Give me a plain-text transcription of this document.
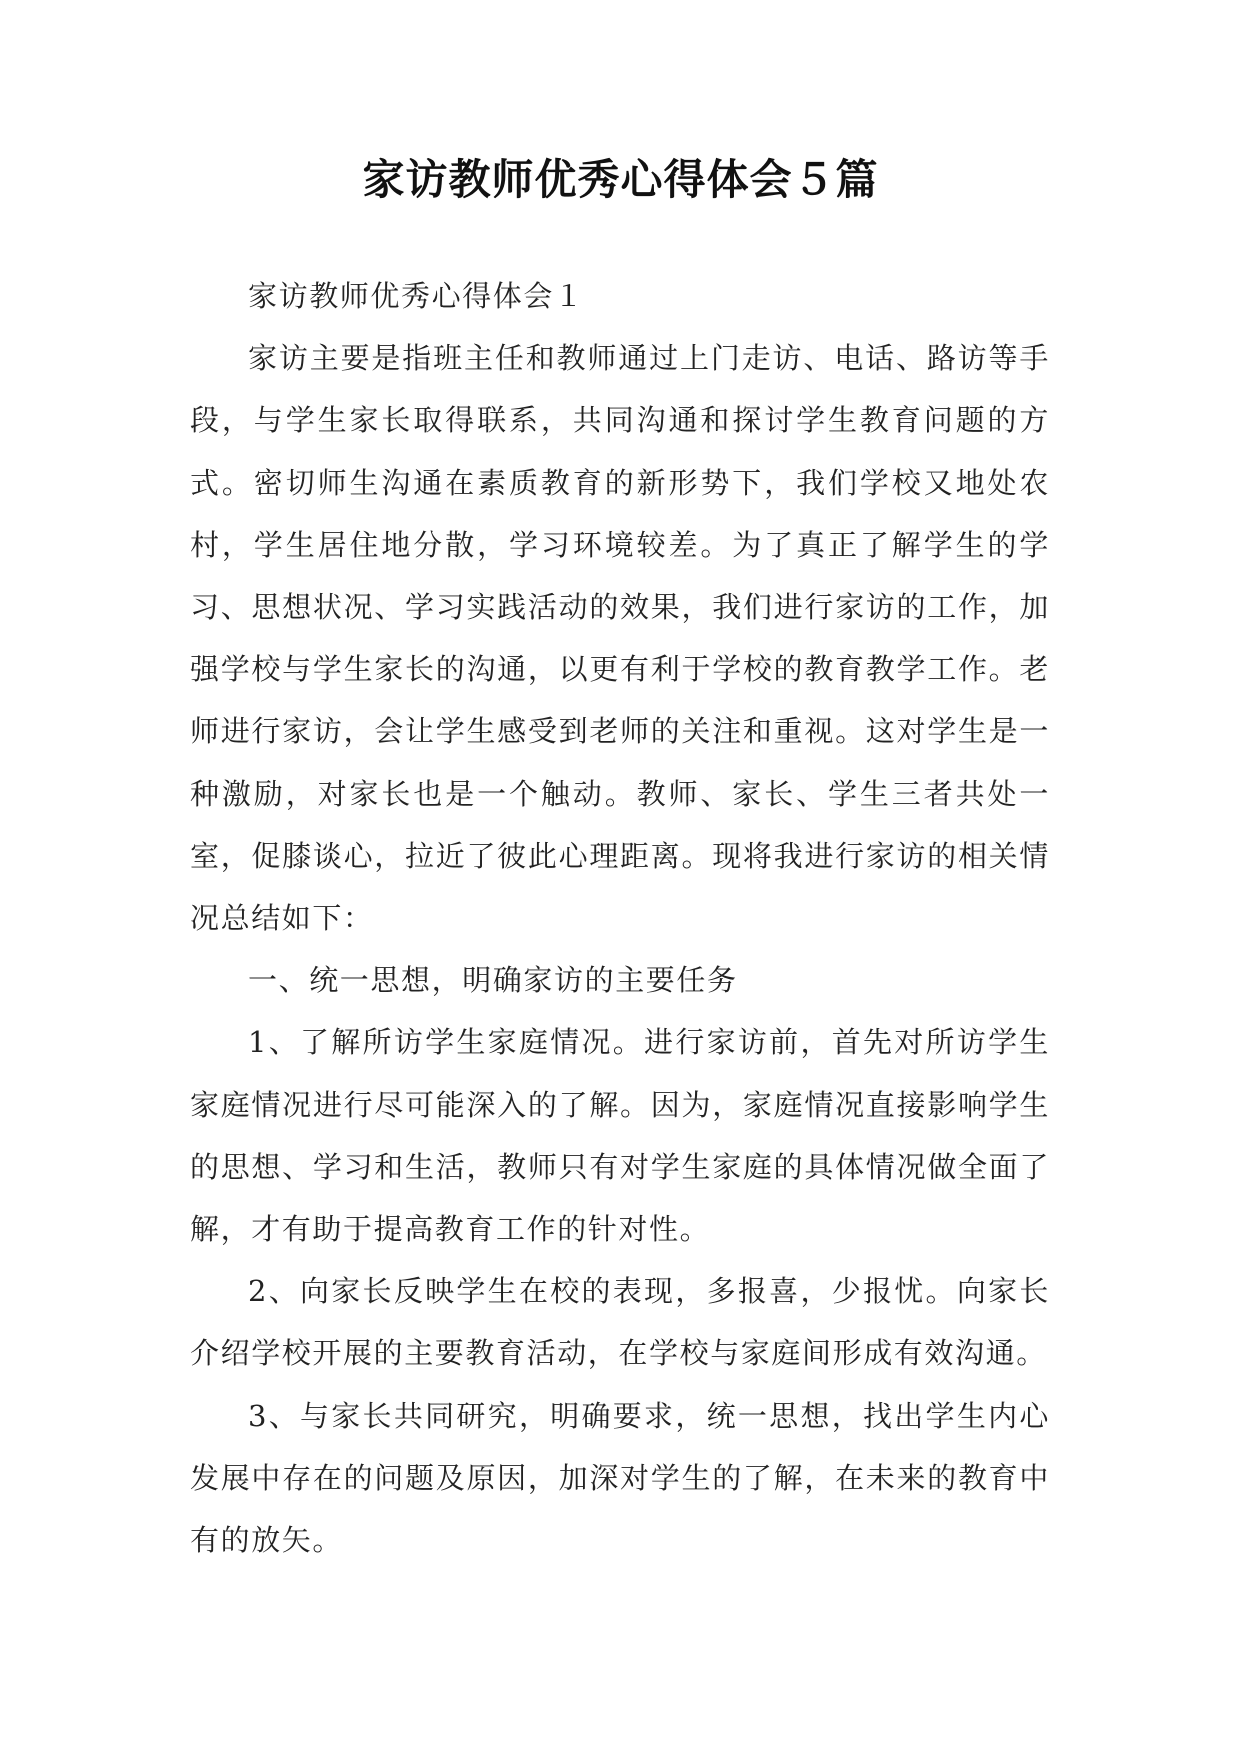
家访教师优秀心得体会５篇

家访教师优秀心得体会１

家访主要是指班主任和教师通过上门走访、电话、路访等手段，与学生家长取得联系，共同沟通和探讨学生教育问题的方式。密切师生沟通在素质教育的新形势下，我们学校又地处农村，学生居住地分散，学习环境较差。为了真正了解学生的学习、思想状况、学习实践活动的效果，我们进行家访的工作，加强学校与学生家长的沟通，以更有利于学校的教育教学工作。老师进行家访，会让学生感受到老师的关注和重视。这对学生是一种激励，对家长也是一个触动。教师、家长、学生三者共处一室，促膝谈心，拉近了彼此心理距离。现将我进行家访的相关情况总结如下：

一、统一思想，明确家访的主要任务

1、了解所访学生家庭情况。进行家访前，首先对所访学生家庭情况进行尽可能深入的了解。因为，家庭情况直接影响学生的思想、学习和生活，教师只有对学生家庭的具体情况做全面了解，才有助于提高教育工作的针对性。

2、向家长反映学生在校的表现，多报喜，少报忧。向家长介绍学校开展的主要教育活动，在学校与家庭间形成有效沟通。

3、与家长共同研究，明确要求，统一思想，找出学生内心发展中存在的问题及原因，加深对学生的了解，在未来的教育中有的放矢。
